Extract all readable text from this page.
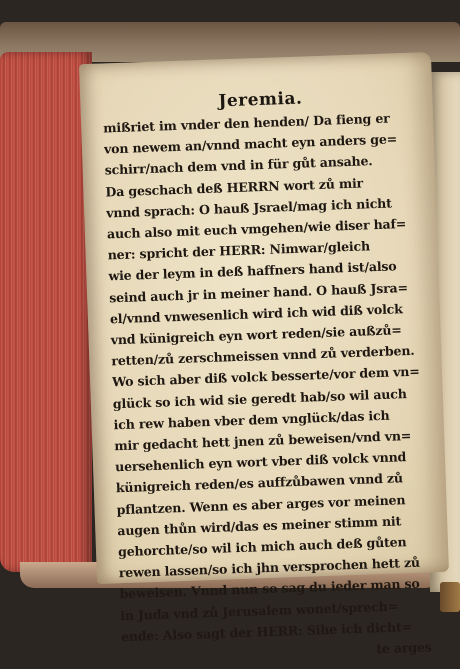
Jeremia.
mißriet im vnder den henden/ Da fieng er
von newem an/vnnd macht eyn anders ge=
schirr/nach dem vnd in für gůt ansahe.
Da geschach deß HERRN wort zů mir
vnnd sprach: O hauß Jsrael/mag ich nicht
auch also mit euch vmgehen/wie diser haf=
ner: spricht der HERR: Nimwar/gleich
wie der leym in deß haffners hand ist/also
seind auch jr in meiner hand. O hauß Jsra=
el/vnnd vnwesenlich wird ich wid diß volck
vnd künigreich eyn wort reden/sie außzů=
retten/zů zerschmeissen vnnd zů verderben.
Wo sich aber diß volck besserte/vor dem vn=
glück so ich wid sie geredt hab/so wil auch
ich rew haben vber dem vnglück/das ich
mir gedacht hett jnen zů beweisen/vnd vn=
uersehenlich eyn wort vber diß volck vnnd
künigreich reden/es auffzůbawen vnnd zů
pflantzen. Wenn es aber arges vor meinen
augen thůn wird/das es meiner stimm nit
gehorchte/so wil ich mich auch deß gůten
rewen lassen/so ich jhn versprochen hett zů
beweisen. Vnnd nun so sag du ieder man so
in Juda vnd zů Jerusalem wonet/sprech=
ende: Also sagt der HERR: Sihe ich dicht=
te arges
